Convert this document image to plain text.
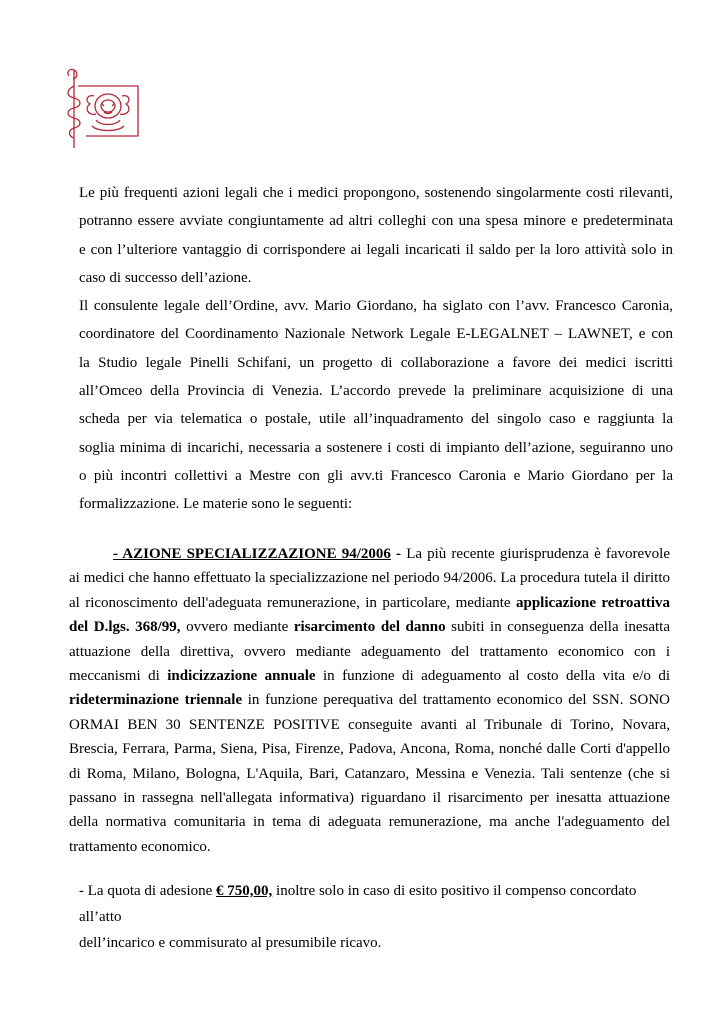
Le più frequenti azioni legali che i medici propongono, sostenendo singolarmente costi rilevanti,

potranno essere avviate congiuntamente ad altri colleghi con una spesa minore e predeterminata

e con l’ulteriore vantaggio di corrispondere ai legali incaricati il saldo per la loro attività solo in

caso di successo dell’azione.

Il consulente legale dell’Ordine, avv. Mario Giordano, ha siglato con l’avv. Francesco Caronia,

coordinatore del Coordinamento Nazionale Network Legale E-LEGALNET – LAWNET, e con

la Studio legale Pinelli Schifani, un progetto di collaborazione a favore dei medici iscritti

all’Omceo della Provincia di Venezia. L’accordo prevede la preliminare acquisizione di una

scheda per via telematica o postale, utile all’inquadramento del singolo caso e raggiunta la

soglia minima di incarichi, necessaria a sostenere i costi di impianto dell’azione, seguiranno uno

o più incontri collettivi a Mestre con gli avv.ti Francesco Caronia e Mario Giordano per la

formalizzazione. Le materie sono le seguenti:

- AZIONE SPECIALIZZAZIONE 94/2006 - La più recente giurisprudenza è favorevole ai medici che hanno effettuato la specializzazione nel periodo 94/2006. La procedura tutela il diritto al riconoscimento dell'adeguata remunerazione, in particolare, mediante applicazione retroattiva del D.lgs. 368/99, ovvero mediante risarcimento del danno subiti in conseguenza della inesatta attuazione della direttiva, ovvero mediante adeguamento del trattamento economico con i meccanismi di indicizzazione annuale in funzione di adeguamento al costo della vita e/o di rideterminazione triennale in funzione perequativa del trattamento economico del SSN. SONO ORMAI BEN 30 SENTENZE POSITIVE conseguite avanti al Tribunale di Torino, Novara, Brescia, Ferrara, Parma, Siena, Pisa, Firenze, Padova, Ancona, Roma, nonché dalle Corti d'appello di Roma, Milano, Bologna, L'Aquila, Bari, Catanzaro, Messina e Venezia. Tali sentenze (che si passano in rassegna nell'allegata informativa) riguardano il risarcimento per inesatta attuazione della normativa comunitaria in tema di adeguata remunerazione, ma anche l'adeguamento del trattamento economico.

- La quota di adesione € 750,00, inoltre solo in caso di esito positivo il compenso concordato all’atto

dell’incarico e commisurato al presumibile ricavo.
